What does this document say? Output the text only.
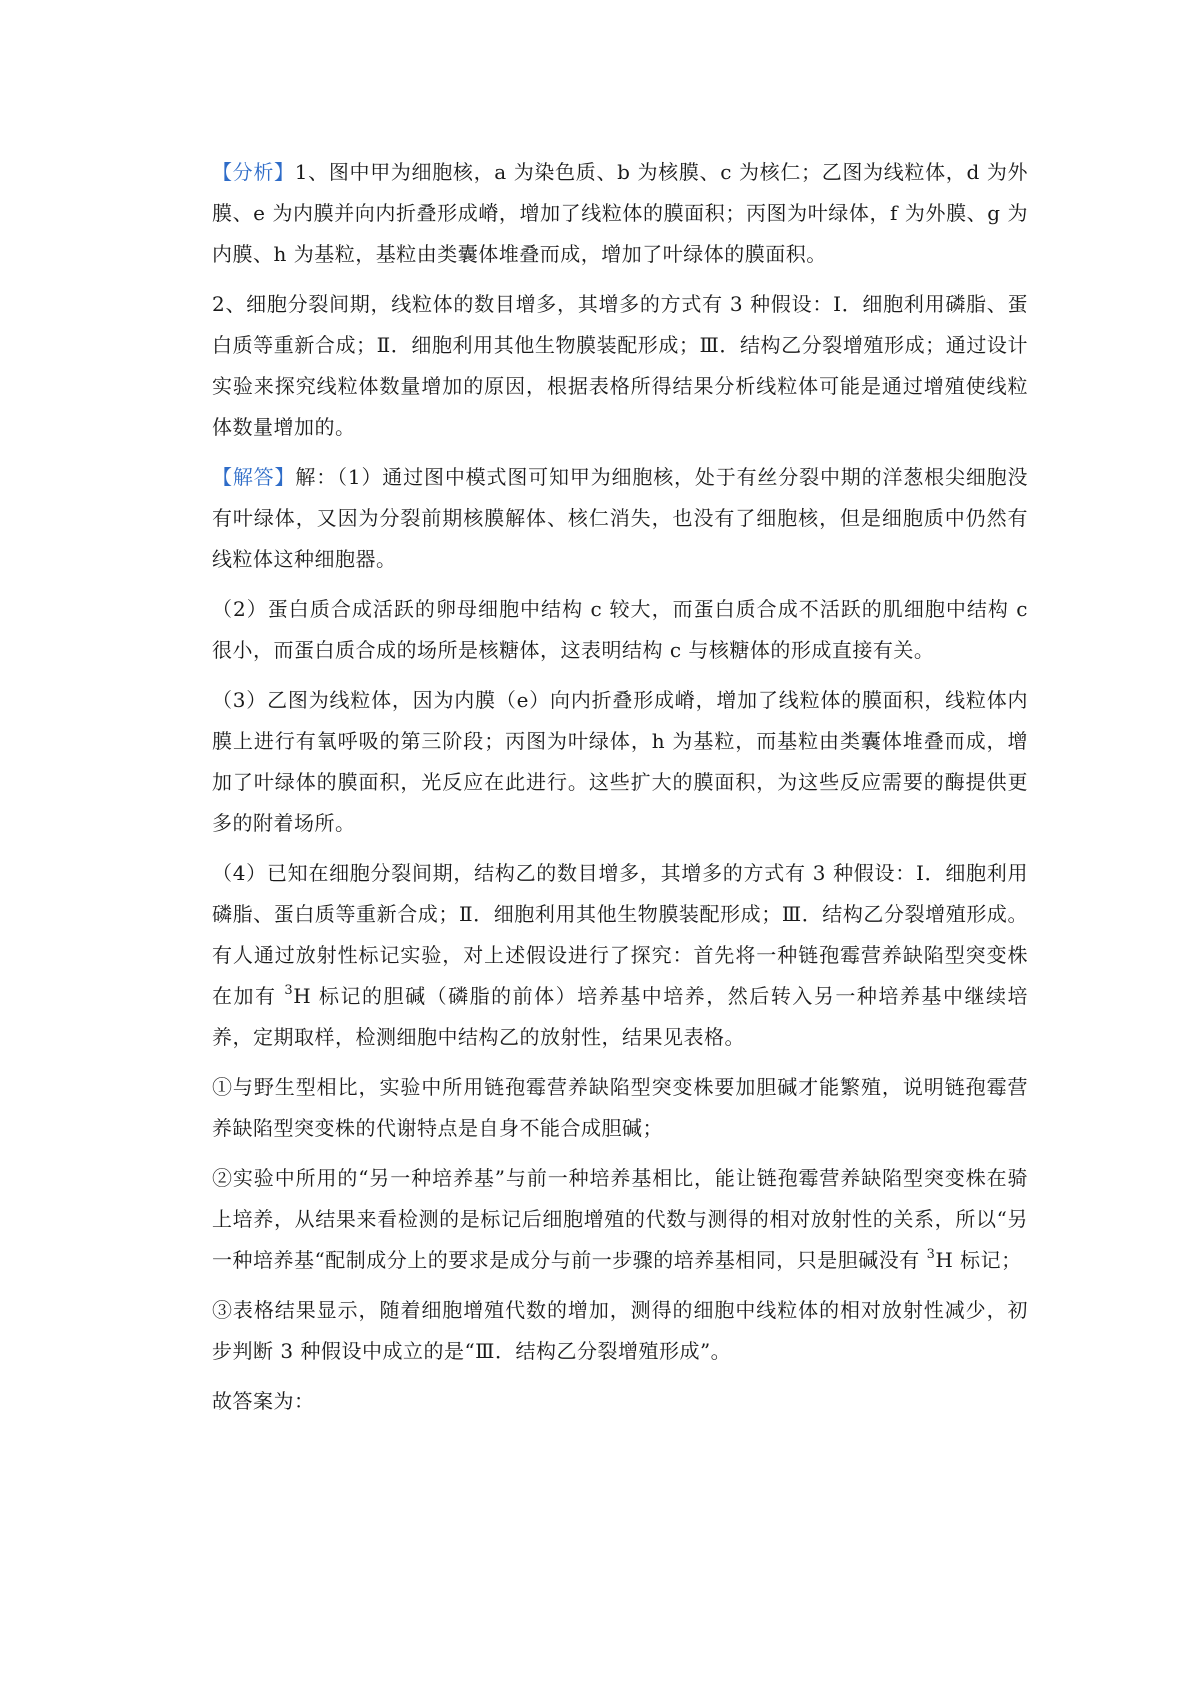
【分析】1、图中甲为细胞核，a 为染色质、b 为核膜、c 为核仁；乙图为线粒体，d 为外膜、e 为内膜并向内折叠形成嵴，增加了线粒体的膜面积；丙图为叶绿体，f 为外膜、g 为内膜、h 为基粒，基粒由类囊体堆叠而成，增加了叶绿体的膜面积。

2、细胞分裂间期，线粒体的数目增多，其增多的方式有 3 种假设：Ⅰ．细胞利用磷脂、蛋白质等重新合成；Ⅱ．细胞利用其他生物膜装配形成；Ⅲ．结构乙分裂增殖形成；通过设计实验来探究线粒体数量增加的原因，根据表格所得结果分析线粒体可能是通过增殖使线粒体数量增加的。

【解答】解：（1）通过图中模式图可知甲为细胞核，处于有丝分裂中期的洋葱根尖细胞没有叶绿体，又因为分裂前期核膜解体、核仁消失，也没有了细胞核，但是细胞质中仍然有线粒体这种细胞器。

（2）蛋白质合成活跃的卵母细胞中结构 c 较大，而蛋白质合成不活跃的肌细胞中结构 c 很小，而蛋白质合成的场所是核糖体，这表明结构 c 与核糖体的形成直接有关。

（3）乙图为线粒体，因为内膜（e）向内折叠形成嵴，增加了线粒体的膜面积，线粒体内膜上进行有氧呼吸的第三阶段；丙图为叶绿体，h 为基粒，而基粒由类囊体堆叠而成，增加了叶绿体的膜面积，光反应在此进行。这些扩大的膜面积，为这些反应需要的酶提供更多的附着场所。

（4）已知在细胞分裂间期，结构乙的数目增多，其增多的方式有 3 种假设：Ⅰ．细胞利用磷脂、蛋白质等重新合成；Ⅱ．细胞利用其他生物膜装配形成；Ⅲ．结构乙分裂增殖形成。有人通过放射性标记实验，对上述假设进行了探究：首先将一种链孢霉营养缺陷型突变株在加有 $^3$H 标记的胆碱（磷脂的前体）培养基中培养，然后转入另一种培养基中继续培养，定期取样，检测细胞中结构乙的放射性，结果见表格。

①与野生型相比，实验中所用链孢霉营养缺陷型突变株要加胆碱才能繁殖，说明链孢霉营养缺陷型突变株的代谢特点是自身不能合成胆碱；

②实验中所用的“另一种培养基”与前一种培养基相比，能让链孢霉营养缺陷型突变株在骑上培养，从结果来看检测的是标记后细胞增殖的代数与测得的相对放射性的关系，所以“另一种培养基“配制成分上的要求是成分与前一步骤的培养基相同，只是胆碱没有 $^3$H 标记；

③表格结果显示，随着细胞增殖代数的增加，测得的细胞中线粒体的相对放射性减少，初步判断 3 种假设中成立的是“Ⅲ．结构乙分裂增殖形成”。

故答案为：
